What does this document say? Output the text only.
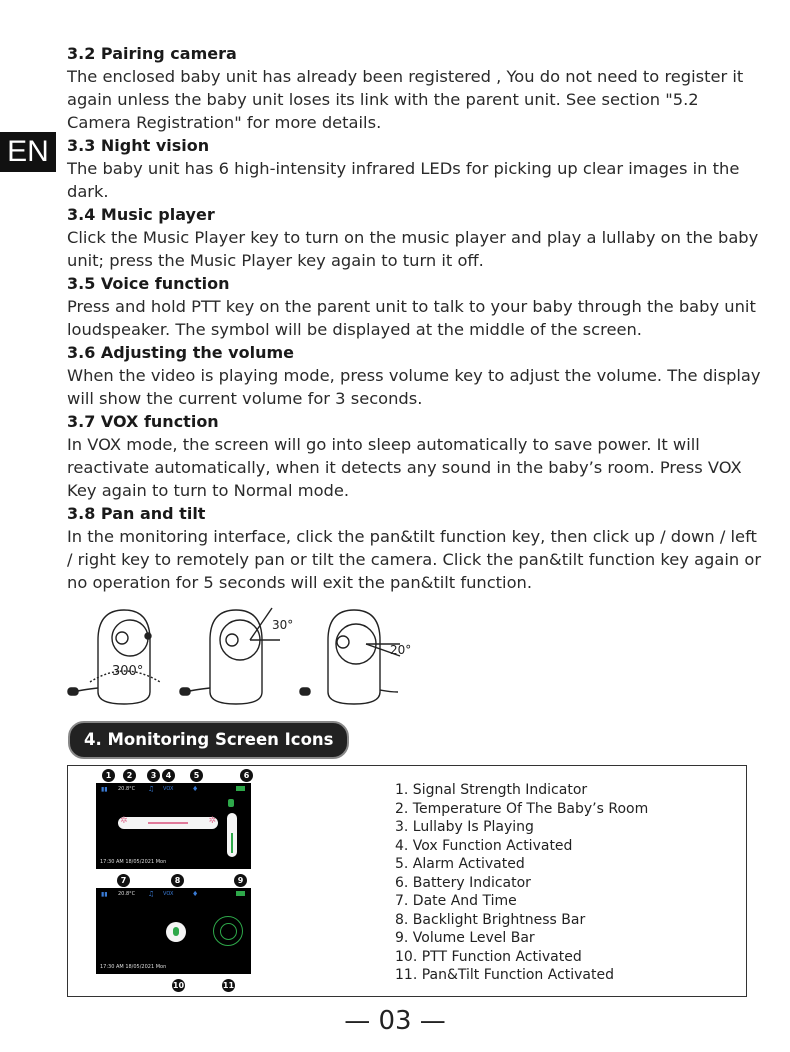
EN
3.2 Pairing camera

The enclosed baby unit has already been registered , You do not need to register it again unless the baby unit loses its link with the parent unit. See section "5.2 Camera Registration" for more details.

3.3 Night vision

The baby unit has 6 high-intensity infrared LEDs for picking up clear images in the dark.

3.4 Music player

Click the Music Player key to turn on the music player and play a lullaby on the baby unit; press the Music Player key again to turn it off.

3.5 Voice function

Press and hold PTT key on the parent unit to talk to your baby through the baby unit loudspeaker. The symbol will be displayed at the middle of the screen.

3.6 Adjusting the volume

When the video is playing mode, press volume key to adjust the volume. The display will show the current volume for 3 seconds.

3.7 VOX function

In VOX mode, the screen will go into sleep automatically to save power. It will reactivate automatically, when it detects any sound in the baby’s room. Press VOX Key again to turn to Normal mode.

3.8 Pan and tilt

In the monitoring interface, click the pan&tilt function key, then click up / down / left / right key to remotely pan or tilt the camera. Click the pan&tilt function key again or no operation for 5 seconds will exit the pan&tilt function.

300°
30°
20°
4. Monitoring Screen Icons
1	2	3	4	5	6
▮▮ 20.8°C ♫ VOX	♦
✲	✲
17:30 AM 18/05/2021 Mon
7	8	9
▮▮ 20.8°C ♫ VOX	♦
17:30 AM 18/05/2021 Mon
10	11
1. Signal Strength Indicator
2. Temperature Of The Baby’s Room
3. Lullaby Is Playing
4. Vox Function Activated
5. Alarm Activated
6. Battery Indicator
7. Date And Time
8. Backlight Brightness Bar
9. Volume Level Bar
10. PTT Function Activated
11. Pan&Tilt Function Activated
— 03 —
